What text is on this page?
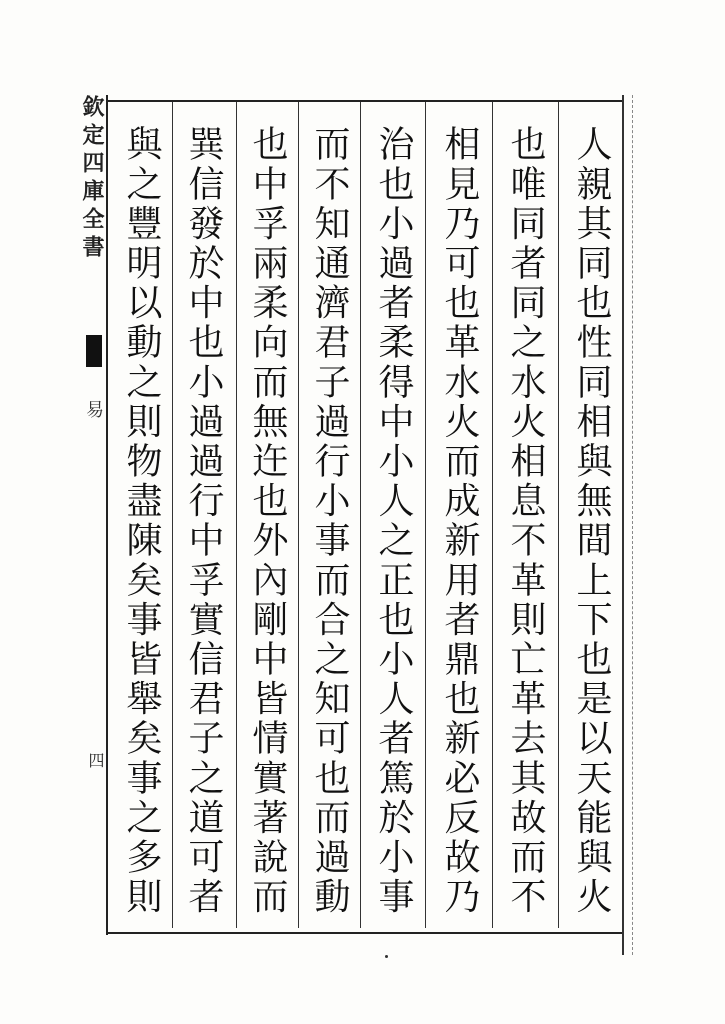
欽定四庫全書
易
四	人親其同也性同相與無間上下也是以天能與火
也唯同者同之水火相息不革則亡革去其故而不
相見乃可也革水火而成新用者鼎也新必反故乃
治也小過者柔得中小人之正也小人者篤於小事
而不知通濟君子過行小事而合之知可也而過動
也中孚兩柔向而無迕也外內剛中皆情實著說而
巽信發於中也小過過行中孚實信君子之道可者
與之豐明以動之則物盡陳矣事皆舉矣事之多則
